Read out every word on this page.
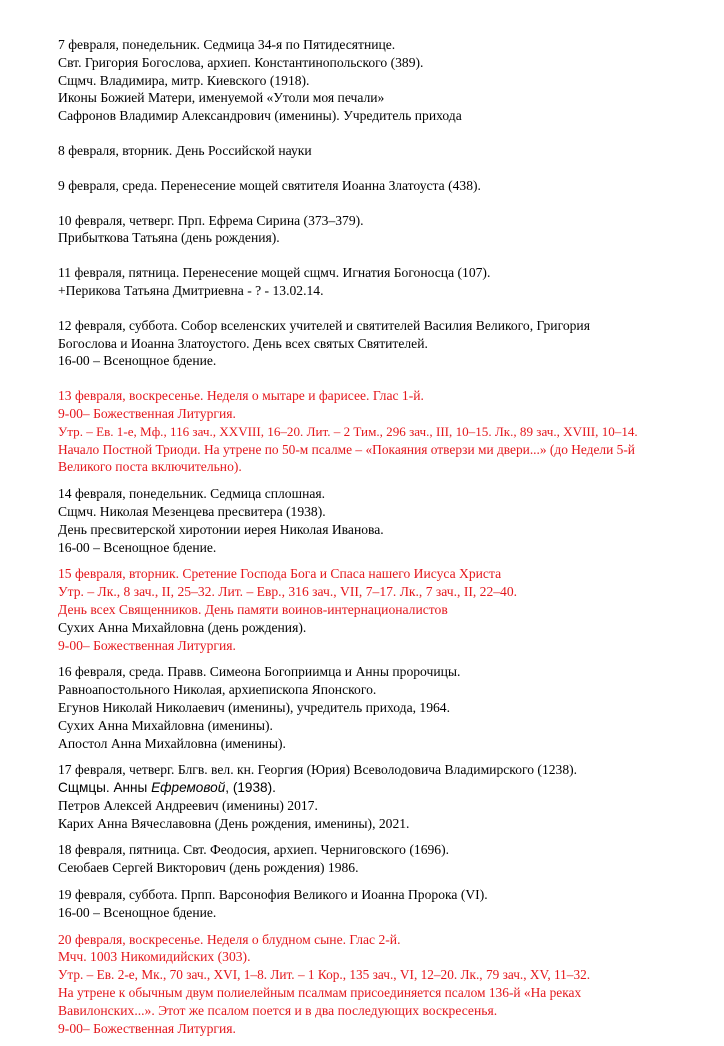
7 февраля, понедельник. Седмица 34-я по Пятидесятнице.
Свт. Григория Богослова, архиеп. Константинопольского (389).
Сщмч. Владимира, митр. Киевского (1918).
Иконы Божией Матери, именуемой «Утоли моя печали»
Сафронов Владимир Александрович (именины). Учредитель прихода
8 февраля, вторник. День Российской науки
9 февраля, среда. Перенесение мощей святителя Иоанна Златоуста (438).
10 февраля, четверг. Прп. Ефрема Сирина (373–379).
Прибыткова Татьяна (день рождения).
11 февраля, пятница. Перенесение мощей сщмч. Игнатия Богоносца (107).
+Перикова Татьяна Дмитриевна - ? - 13.02.14.
12 февраля, суббота. Собор вселенских учителей и святителей Василия Великого, Григория
Богослова и Иоанна Златоустого. День всех святых Святителей.
16-00 – Всенощное бдение.
13 февраля, воскресенье. Неделя о мытаре и фарисее. Глас 1-й.
9-00– Божественная Литургия.
Утр. – Ев. 1-е, Мф., 116 зач., XXVIII, 16–20. Лит. – 2 Тим., 296 зач., III, 10–15. Лк., 89 зач., XVIII, 10–14.
Начало Постной Триоди. На утрене по 50-м псалме – «Покаяния отверзи ми двери...» (до Недели 5-й
Великого поста включительно).
14 февраля, понедельник. Седмица сплошная.
Сщмч. Николая Мезенцева пресвитера (1938).
День пресвитерской хиротонии иерея Николая Иванова.
16-00 – Всенощное бдение.
15 февраля, вторник. Сретение Господа Бога и Спаса нашего Иисуса Христа
Утр. – Лк., 8 зач., II, 25–32. Лит. – Евр., 316 зач., VII, 7–17. Лк., 7 зач., II, 22–40.
День всех Священников. День памяти воинов-интернационалистов
Сухих Анна Михайловна (день рождения).
9-00– Божественная Литургия.
16 февраля, среда. Правв. Симеона Богоприимца и Анны пророчицы.
Равноапостольного Николая, архиепископа Японского.
Егунов Николай Николаевич (именины), учредитель прихода, 1964.
Сухих Анна Михайловна (именины).
Апостол Анна Михайловна (именины).
17 февраля, четверг. Блгв. вел. кн. Георгия (Юрия) Всеволодовича Владимирского (1238).
Сщмцы. Анны Ефремовой, (1938).
Петров Алексей Андреевич (именины) 2017.
Карих Анна Вячеславовна (День рождения, именины), 2021.
18 февраля, пятница. Свт. Феодосия, архиеп. Черниговского (1696).
Сеюбаев Сергей Викторович (день рождения) 1986.
19 февраля, суббота. Прпп. Варсонофия Великого и Иоанна Пророка (VI).
16-00 – Всенощное бдение.
20 февраля, воскресенье. Неделя о блудном сыне. Глас 2-й.
Мчч. 1003 Никомидийских (303).
Утр. – Ев. 2-е, Мк., 70 зач., XVI, 1–8. Лит. – 1 Кор., 135 зач., VI, 12–20. Лк., 79 зач., XV, 11–32.
На утрене к обычным двум полиелейным псалмам присоединяется псалом 136-й «На реках
Вавилонских...». Этот же псалом поется и в два последующих воскресенья.
9-00– Божественная Литургия.
